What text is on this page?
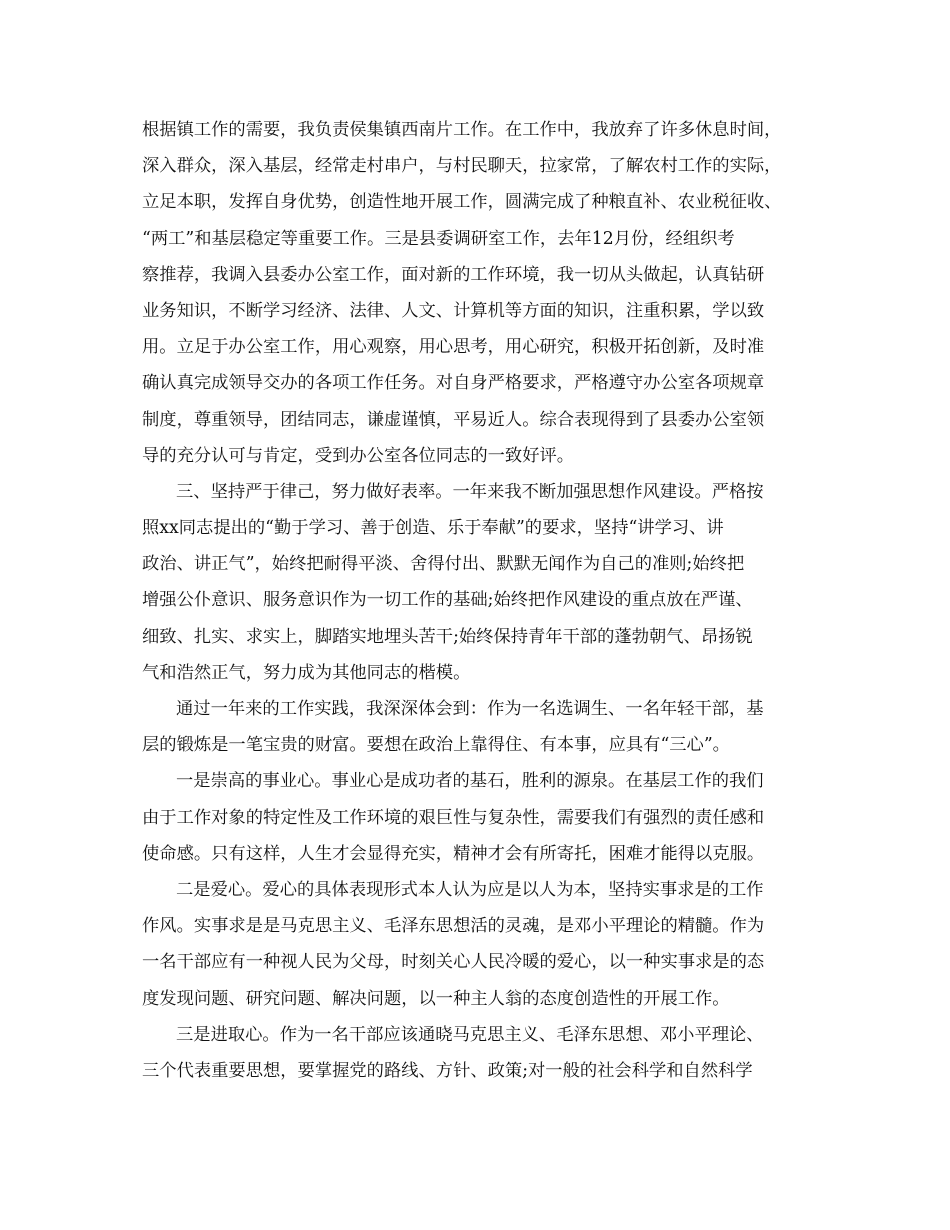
根据镇工作的需要，我负责侯集镇西南片工作。在工作中，我放弃了许多休息时间，
深入群众，深入基层，经常走村串户，与村民聊天，拉家常，了解农村工作的实际，
立足本职，发挥自身优势，创造性地开展工作，圆满完成了种粮直补、农业税征收、
“两工”和基层稳定等重要工作。三是县委调研室工作，去年12月份，经组织考
察推荐，我调入县委办公室工作，面对新的工作环境，我一切从头做起，认真钻研
业务知识，不断学习经济、法律、人文、计算机等方面的知识，注重积累，学以致
用。立足于办公室工作，用心观察，用心思考，用心研究，积极开拓创新，及时准
确认真完成领导交办的各项工作任务。对自身严格要求，严格遵守办公室各项规章
制度，尊重领导，团结同志，谦虚谨慎，平易近人。综合表现得到了县委办公室领
导的充分认可与肯定，受到办公室各位同志的一致好评。
三、坚持严于律己，努力做好表率。一年来我不断加强思想作风建设。严格按
照xx同志提出的“勤于学习、善于创造、乐于奉献”的要求，坚持“讲学习、讲
政治、讲正气”，始终把耐得平淡、舍得付出、默默无闻作为自己的准则;始终把
增强公仆意识、服务意识作为一切工作的基础;始终把作风建设的重点放在严谨、
细致、扎实、求实上，脚踏实地埋头苦干;始终保持青年干部的蓬勃朝气、昂扬锐
气和浩然正气，努力成为其他同志的楷模。
通过一年来的工作实践，我深深体会到：作为一名选调生、一名年轻干部，基
层的锻炼是一笔宝贵的财富。要想在政治上靠得住、有本事，应具有“三心”。
一是崇高的事业心。事业心是成功者的基石，胜利的源泉。在基层工作的我们
由于工作对象的特定性及工作环境的艰巨性与复杂性，需要我们有强烈的责任感和
使命感。只有这样，人生才会显得充实，精神才会有所寄托，困难才能得以克服。
二是爱心。爱心的具体表现形式本人认为应是以人为本，坚持实事求是的工作
作风。实事求是是马克思主义、毛泽东思想活的灵魂，是邓小平理论的精髓。作为
一名干部应有一种视人民为父母，时刻关心人民冷暖的爱心，以一种实事求是的态
度发现问题、研究问题、解决问题，以一种主人翁的态度创造性的开展工作。
三是进取心。作为一名干部应该通晓马克思主义、毛泽东思想、邓小平理论、
三个代表重要思想，要掌握党的路线、方针、政策;对一般的社会科学和自然科学
